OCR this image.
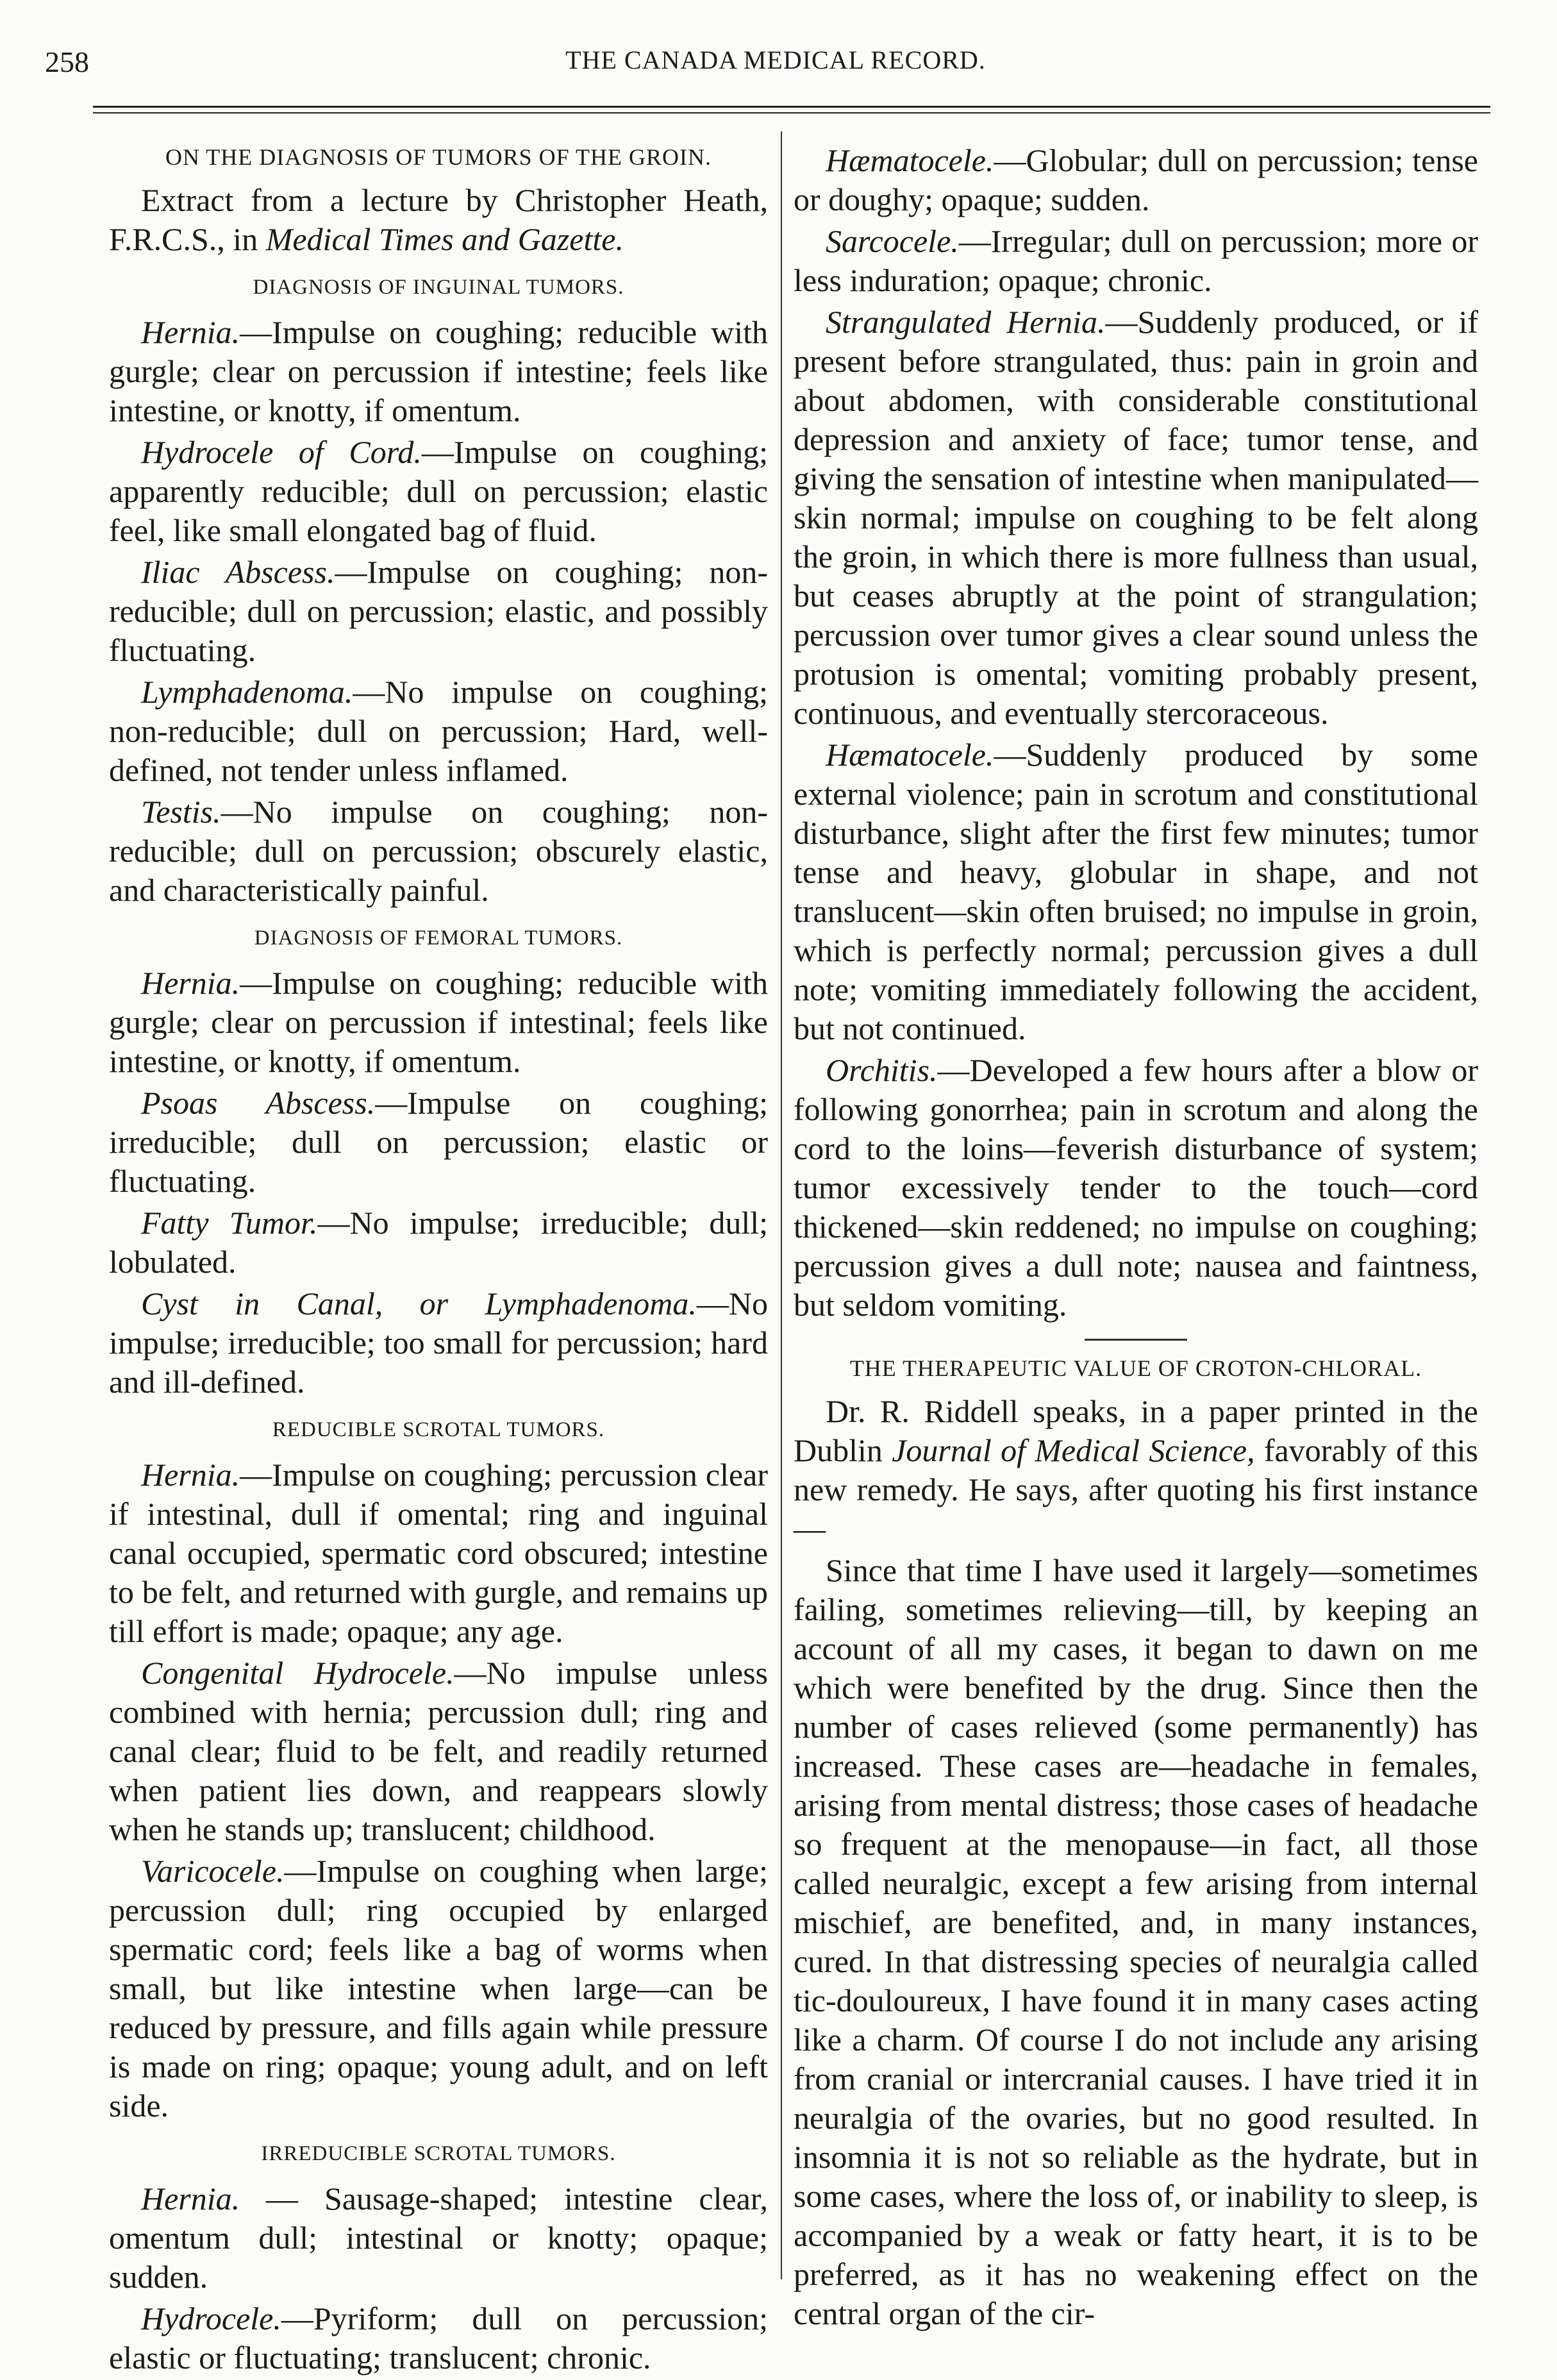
258	THE CANADA MEDICAL RECORD.
ON THE DIAGNOSIS OF TUMORS OF THE GROIN.

Extract from a lecture by Christopher Heath, F.R.C.S., in Medical Times and Gazette.

DIAGNOSIS OF INGUINAL TUMORS.

Hernia.—Impulse on coughing; reducible with gurgle; clear on percussion if intestine; feels like intestine, or knotty, if omentum.

Hydrocele of Cord.—Impulse on coughing; apparently reducible; dull on percussion; elastic feel, like small elongated bag of fluid.

Iliac Abscess.—Impulse on coughing; non-reducible; dull on percussion; elastic, and possibly fluctuating.

Lymphadenoma.—No impulse on coughing; non-reducible; dull on percussion; Hard, well-defined, not tender unless inflamed.

Testis.—No impulse on coughing; non-reducible; dull on percussion; obscurely elastic, and characteristically painful.

DIAGNOSIS OF FEMORAL TUMORS.

Hernia.—Impulse on coughing; reducible with gurgle; clear on percussion if intestinal; feels like intestine, or knotty, if omentum.

Psoas Abscess.—Impulse on coughing; irreducible; dull on percussion; elastic or fluctuating.

Fatty Tumor.—No impulse; irreducible; dull; lobulated.

Cyst in Canal, or Lymphadenoma.—No impulse; irreducible; too small for percussion; hard and ill-defined.

REDUCIBLE SCROTAL TUMORS.

Hernia.—Impulse on coughing; percussion clear if intestinal, dull if omental; ring and inguinal canal occupied, spermatic cord obscured; intestine to be felt, and returned with gurgle, and remains up till effort is made; opaque; any age.

Congenital Hydrocele.—No impulse unless combined with hernia; percussion dull; ring and canal clear; fluid to be felt, and readily returned when patient lies down, and reappears slowly when he stands up; translucent; childhood.

Varicocele.—Impulse on coughing when large; percussion dull; ring occupied by enlarged spermatic cord; feels like a bag of worms when small, but like intestine when large—can be reduced by pressure, and fills again while pressure is made on ring; opaque; young adult, and on left side.

IRREDUCIBLE SCROTAL TUMORS.

Hernia. — Sausage-shaped; intestine clear, omentum dull; intestinal or knotty; opaque; sudden.

Hydrocele.—Pyriform; dull on percussion; elastic or fluctuating; translucent; chronic.

Hæmatocele.—Globular; dull on percussion; tense or doughy; opaque; sudden.

Sarcocele.—Irregular; dull on percussion; more or less induration; opaque; chronic.

Strangulated Hernia.—Suddenly produced, or if present before strangulated, thus: pain in groin and about abdomen, with considerable constitutional depression and anxiety of face; tumor tense, and giving the sensation of intestine when manipulated—skin normal; impulse on coughing to be felt along the groin, in which there is more fullness than usual, but ceases abruptly at the point of strangulation; percussion over tumor gives a clear sound unless the protusion is omental; vomiting probably present, continuous, and eventually stercoraceous.

Hæmatocele.—Suddenly produced by some external violence; pain in scrotum and constitutional disturbance, slight after the first few minutes; tumor tense and heavy, globular in shape, and not translucent—skin often bruised; no impulse in groin, which is perfectly normal; percussion gives a dull note; vomiting immediately following the accident, but not continued.

Orchitis.—Developed a few hours after a blow or following gonorrhea; pain in scrotum and along the cord to the loins—feverish disturbance of system; tumor excessively tender to the touch—cord thickened—skin reddened; no impulse on coughing; percussion gives a dull note; nausea and faintness, but seldom vomiting.

THE THERAPEUTIC VALUE OF CROTON-CHLORAL.

Dr. R. Riddell speaks, in a paper printed in the Dublin Journal of Medical Science, favorably of this new remedy. He says, after quoting his first instance—

Since that time I have used it largely—sometimes failing, sometimes relieving—till, by keeping an account of all my cases, it began to dawn on me which were benefited by the drug. Since then the number of cases relieved (some permanently) has increased. These cases are—headache in females, arising from mental distress; those cases of headache so frequent at the menopause—in fact, all those called neuralgic, except a few arising from internal mischief, are benefited, and, in many instances, cured. In that distressing species of neuralgia called tic-douloureux, I have found it in many cases acting like a charm. Of course I do not include any arising from cranial or intercranial causes. I have tried it in neuralgia of the ovaries, but no good resulted. In insomnia it is not so reliable as the hydrate, but in some cases, where the loss of, or inability to sleep, is accompanied by a weak or fatty heart, it is to be preferred, as it has no weakening effect on the central organ of the cir-
